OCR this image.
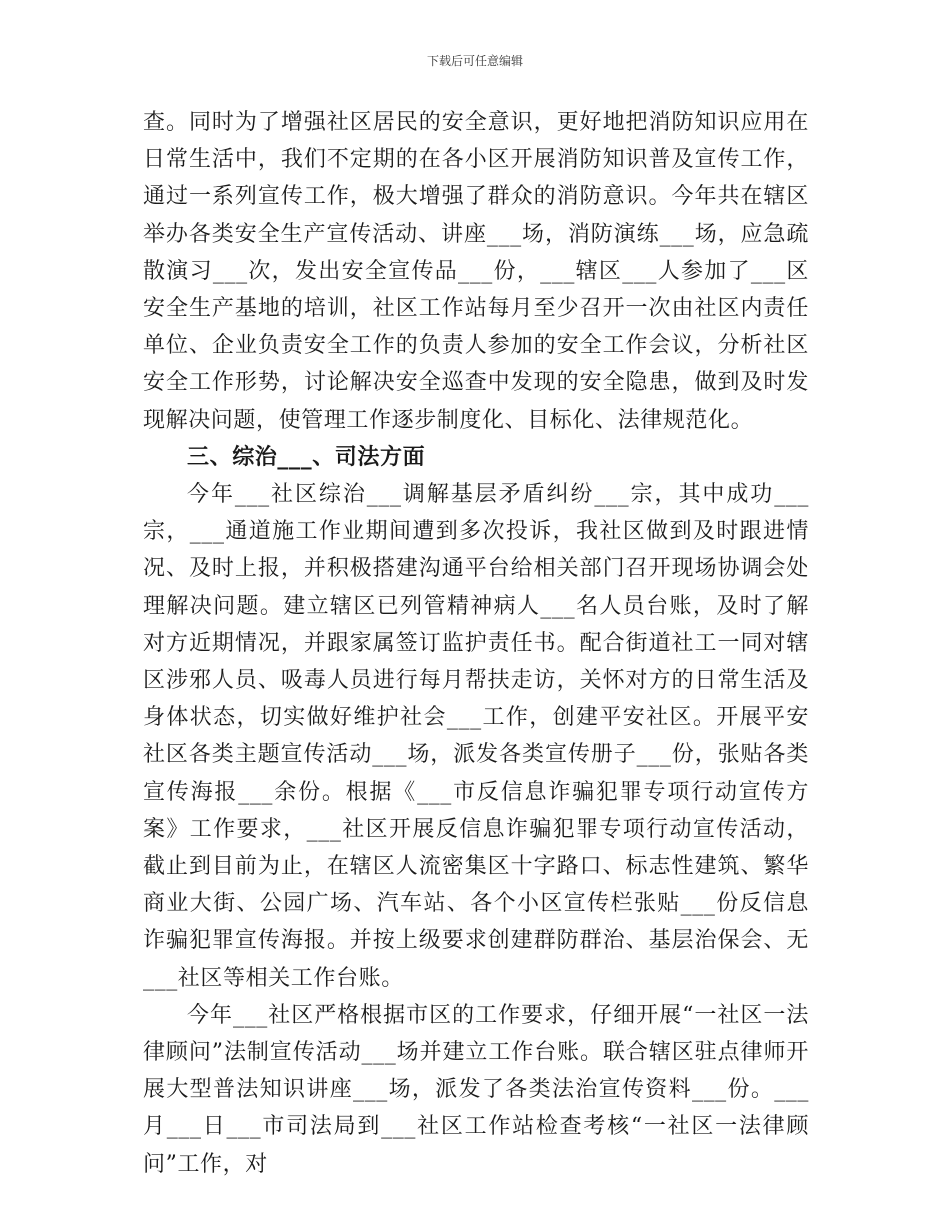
下载后可任意编辑

查。同时为了增强社区居民的安全意识，更好地把消防知识应用在日常生活中，我们不定期的在各小区开展消防知识普及宣传工作，通过一系列宣传工作，极大增强了群众的消防意识。今年共在辖区举办各类安全生产宣传活动、讲座___场，消防演练___场，应急疏散演习___次，发出安全宣传品___份，___辖区___人参加了___区安全生产基地的培训，社区工作站每月至少召开一次由社区内责任单位、企业负责安全工作的负责人参加的安全工作会议，分析社区安全工作形势，讨论解决安全巡查中发现的安全隐患，做到及时发现解决问题，使管理工作逐步制度化、目标化、法律规范化。

三、综治___、司法方面

今年___社区综治___调解基层矛盾纠纷___宗，其中成功___宗，___通道施工作业期间遭到多次投诉，我社区做到及时跟进情况、及时上报，并积极搭建沟通平台给相关部门召开现场协调会处理解决问题。建立辖区已列管精神病人___名人员台账，及时了解对方近期情况，并跟家属签订监护责任书。配合街道社工一同对辖区涉邪人员、吸毒人员进行每月帮扶走访，关怀对方的日常生活及身体状态，切实做好维护社会___工作，创建平安社区。开展平安社区各类主题宣传活动___场，派发各类宣传册子___份，张贴各类宣传海报___余份。根据《___市反信息诈骗犯罪专项行动宣传方案》工作要求，___社区开展反信息诈骗犯罪专项行动宣传活动，截止到目前为止，在辖区人流密集区十字路口、标志性建筑、繁华商业大街、公园广场、汽车站、各个小区宣传栏张贴___份反信息诈骗犯罪宣传海报。并按上级要求创建群防群治、基层治保会、无___社区等相关工作台账。

今年___社区严格根据市区的工作要求，仔细开展“一社区一法律顾问”法制宣传活动___场并建立工作台账。联合辖区驻点律师开展大型普法知识讲座___场，派发了各类法治宣传资料___份。___月___日___市司法局到___社区工作站检查考核“一社区一法律顾问”工作，对
